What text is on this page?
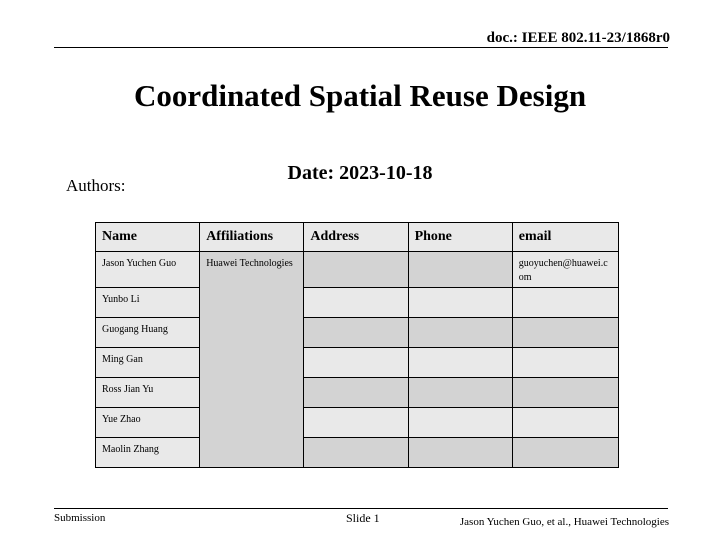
doc.: IEEE 802.11-23/1868r0
Coordinated Spatial Reuse Design
Date: 2023-10-18
Authors:
Name	Affiliations	Address	Phone	email
Jason Yuchen Guo	Huawei Technologies			guoyuchen@huawei.com
Yunbo Li				
Guogang Huang				
Ming Gan				
Ross Jian Yu				
Yue Zhao				
Maolin Zhang				
Submission	Slide 1	Jason Yuchen Guo, et al., Huawei Technologies
